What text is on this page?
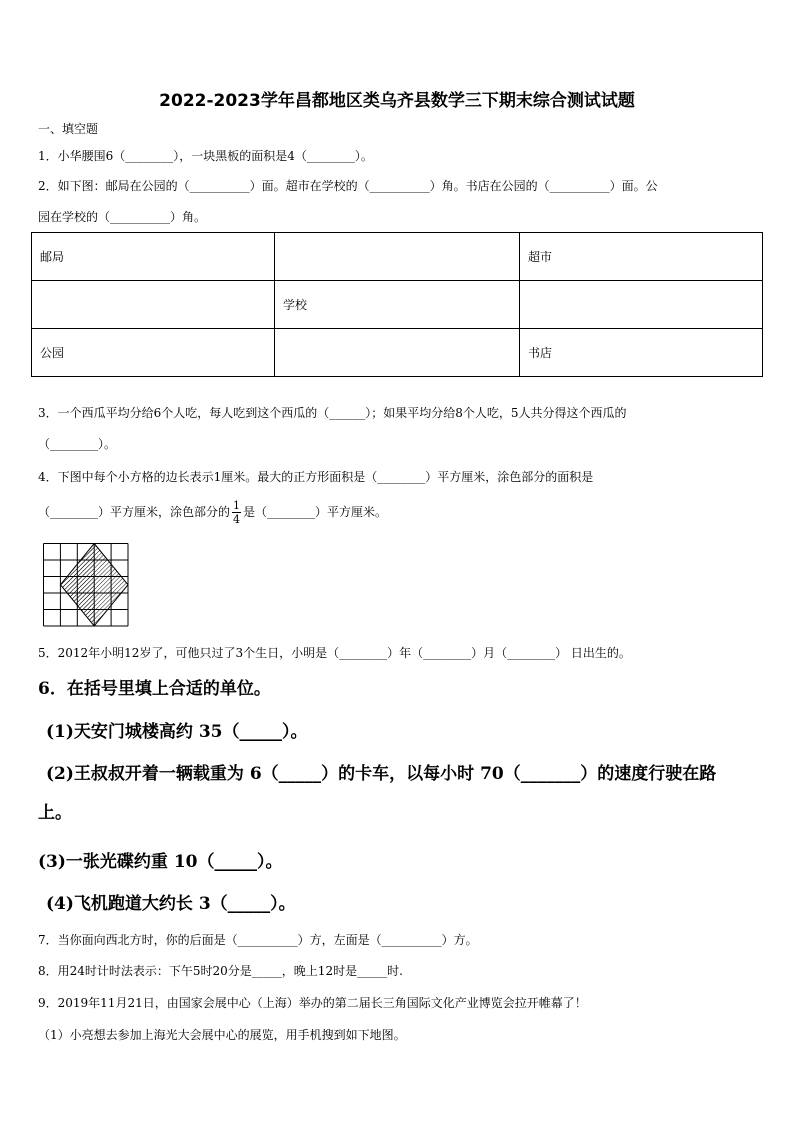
2022-2023学年昌都地区类乌齐县数学三下期末综合测试试题
一、填空题
1．小华腰围6（________），一块黑板的面积是4（________）。
2．如下图：邮局在公园的（__________）面。超市在学校的（__________）角。书店在公园的（__________）面。公
园在学校的（__________）角。
邮局		超市
	学校	
公园		书店
3．一个西瓜平均分给6个人吃，每人吃到这个西瓜的（______）；如果平均分给8个人吃，5人共分得这个西瓜的
（________）。
4．下图中每个小方格的边长表示1厘米。最大的正方形面积是（________）平方厘米，涂色部分的面积是
（________）平方厘米，涂色部分的 $\frac{1}{4}$ 是（________）平方厘米。
5．2012年小明12岁了，可他只过了3个生日，小明是（________）年（________）月（________） 日出生的。
6．在括号里填上合适的单位。
(1)天安门城楼高约 35（_____）。
(2)王叔叔开着一辆载重为 6（_____）的卡车，以每小时 70（_______）的速度行驶在路
上。
(3)一张光碟约重 10（_____）。
(4)飞机跑道大约长 3（_____）。
7．当你面向西北方时，你的后面是（__________）方，左面是（__________）方。
8．用24时计时法表示：下午5时20分是_____，晚上12时是_____时.
9．2019年11月21日，由国家会展中心（上海）举办的第二届长三角国际文化产业博览会拉开帷幕了！
（1）小亮想去参加上海光大会展中心的展览，用手机搜到如下地图。
